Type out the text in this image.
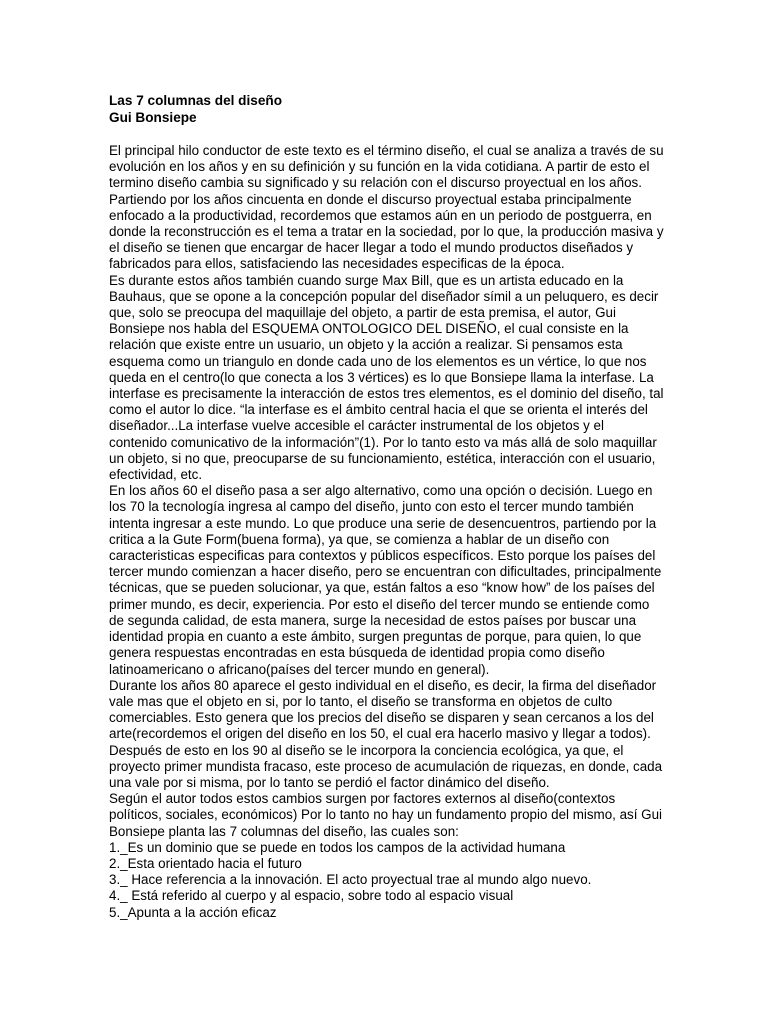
Las 7 columnas del diseño

Gui Bonsiepe

El principal hilo conductor de este texto es el término diseño, el cual se analiza a través de su evolución en los años y en su definición y su función en la vida cotidiana. A partir de esto el termino diseño cambia su significado y su relación con el discurso proyectual en los años. Partiendo por los años cincuenta en donde el discurso proyectual estaba principalmente enfocado a la productividad, recordemos que estamos aún en un periodo de postguerra, en donde la reconstrucción es el tema a tratar en la sociedad, por lo que, la producción masiva y el diseño se tienen que encargar de hacer llegar a todo el mundo productos diseñados y fabricados para ellos, satisfaciendo las necesidades especificas de la época.

Es durante estos años también cuando surge Max Bill, que es un artista educado en la Bauhaus, que se opone a la concepción popular del diseñador símil a un peluquero, es decir que, solo se preocupa del maquillaje del objeto, a partir de esta premisa, el autor, Gui Bonsiepe nos habla del ESQUEMA ONTOLOGICO DEL DISEÑO, el cual consiste en la relación que existe entre un usuario, un objeto y la acción a realizar. Si pensamos esta esquema como un triangulo en donde cada uno de los elementos es un vértice, lo que nos queda en el centro(lo que conecta a los 3 vértices) es lo que Bonsiepe llama la interfase. La interfase es precisamente la interacción de estos tres elementos, es el dominio del diseño, tal como el autor lo dice. “la interfase es el ámbito central hacia el que se orienta el interés del diseñador...La interfase vuelve accesible el carácter instrumental de los objetos y el contenido comunicativo de la información”(1). Por lo tanto esto va más allá de solo maquillar un objeto, si no que, preocuparse de su funcionamiento, estética, interacción con el usuario, efectividad, etc.

En los años 60 el diseño pasa a ser algo alternativo, como una opción o decisión. Luego en los 70 la tecnología ingresa al campo del diseño, junto con esto el tercer mundo también intenta ingresar a este mundo. Lo que produce una serie de desencuentros, partiendo por la critica a la Gute Form(buena forma), ya que, se comienza a hablar de un diseño con caracteristicas especificas para contextos y públicos específicos. Esto porque los países del tercer mundo comienzan a hacer diseño, pero se encuentran con dificultades, principalmente técnicas, que se pueden solucionar, ya que, están faltos a eso “know how” de los países del primer mundo, es decir, experiencia. Por esto el diseño del tercer mundo se entiende como de segunda calidad, de esta manera, surge la necesidad de estos países por buscar una identidad propia en cuanto a este ámbito, surgen preguntas de porque, para quien, lo que genera respuestas encontradas en esta búsqueda de identidad propia como diseño latinoamericano o africano(países del tercer mundo en general).

Durante los años 80 aparece el gesto individual en el diseño, es decir, la firma del diseñador vale mas que el objeto en si, por lo tanto, el diseño se transforma en objetos de culto comerciables. Esto genera que los precios del diseño se disparen y sean cercanos a los del arte(recordemos el origen del diseño en los 50, el cual era hacerlo masivo y llegar a todos). Después de esto en los 90 al diseño se le incorpora la conciencia ecológica, ya que, el proyecto primer mundista fracaso, este proceso de acumulación de riquezas, en donde, cada una vale por si misma, por lo tanto se perdió el factor dinámico del diseño.

Según el autor todos estos cambios surgen por factores externos al diseño(contextos políticos, sociales, económicos) Por lo tanto no hay un fundamento propio del mismo, así Gui Bonsiepe planta las 7 columnas del diseño, las cuales son:

1._Es un dominio que se puede en todos los campos de la actividad humana
2._Esta orientado hacia el futuro
3._ Hace referencia a la innovación. El acto proyectual trae al mundo algo nuevo.
4._ Está referido al cuerpo y al espacio, sobre todo al espacio visual
5._Apunta a la acción eficaz
